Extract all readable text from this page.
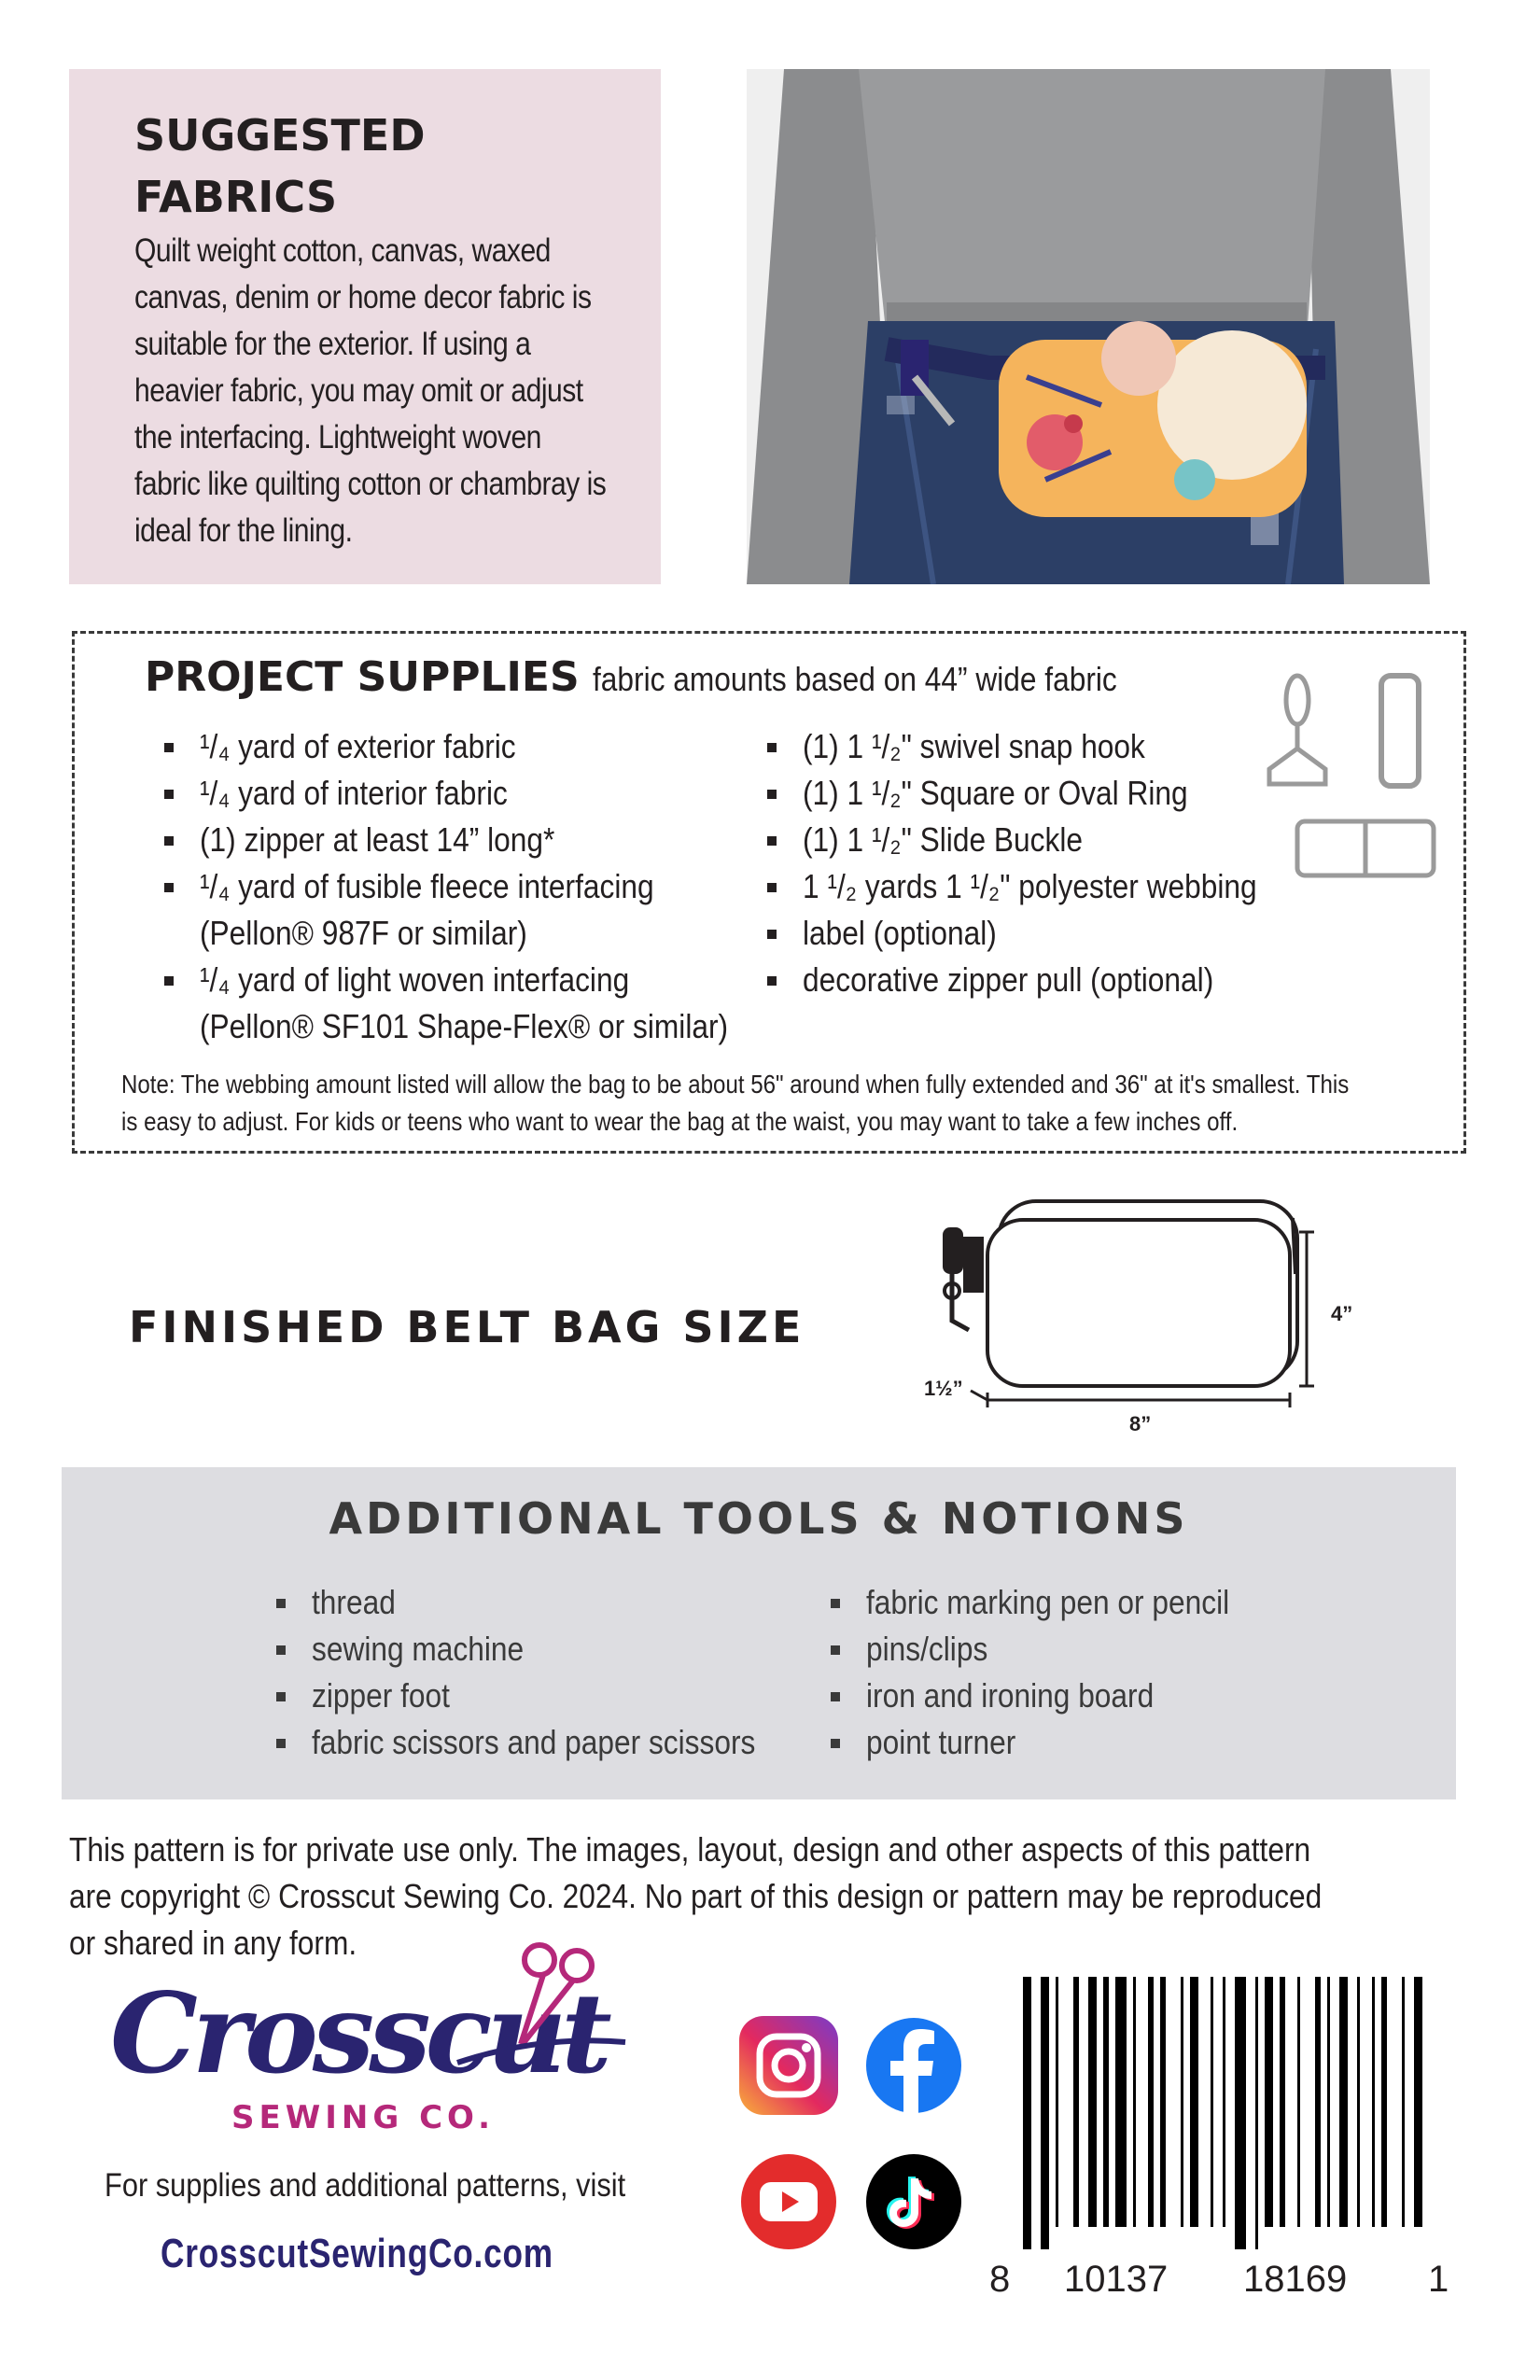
SUGGESTED FABRICS
Quilt weight cotton, canvas, waxed canvas, denim or home decor fabric is suitable for the exterior. If using a heavier fabric, you may omit or adjust the interfacing. Lightweight woven fabric like quilting cotton or chambray is ideal for the lining.
PROJECT SUPPLIES fabric amounts based on 44” wide fabric
¹/₄ yard of exterior fabric
¹/₄ yard of interior fabric
(1) zipper at least 14” long*
¹/₄ yard of fusible fleece interfacing
(Pellon® 987F or similar)
¹/₄ yard of light woven interfacing
(Pellon® SF101 Shape-Flex® or similar)
(1) 1 ¹/₂" swivel snap hook
(1) 1 ¹/₂" Square or Oval Ring
(1) 1 ¹/₂" Slide Buckle
1 ¹/₂ yards 1 ¹/₂" polyester webbing
label (optional)
decorative zipper pull (optional)
Note: The webbing amount listed will allow the bag to be about 56" around when fully extended and 36" at it's smallest. This is easy to adjust. For kids or teens who want to wear the bag at the waist, you may want to take a few inches off.
FINISHED BELT BAG SIZE	4”
8”
1½”
ADDITIONAL TOOLS & NOTIONS
thread
sewing machine
zipper foot
fabric scissors and paper scissors
fabric marking pen or pencil
pins/clips
iron and ironing board
point turner
This pattern is for private use only. The images, layout, design and other aspects of this pattern are copyright © Crosscut Sewing Co. 2024. No part of this design or pattern may be reproduced or shared in any form.
Crosscut
SEWING CO.
For supplies and additional patterns, visit
CrosscutSewingCo.com
8 10137 18169 1
